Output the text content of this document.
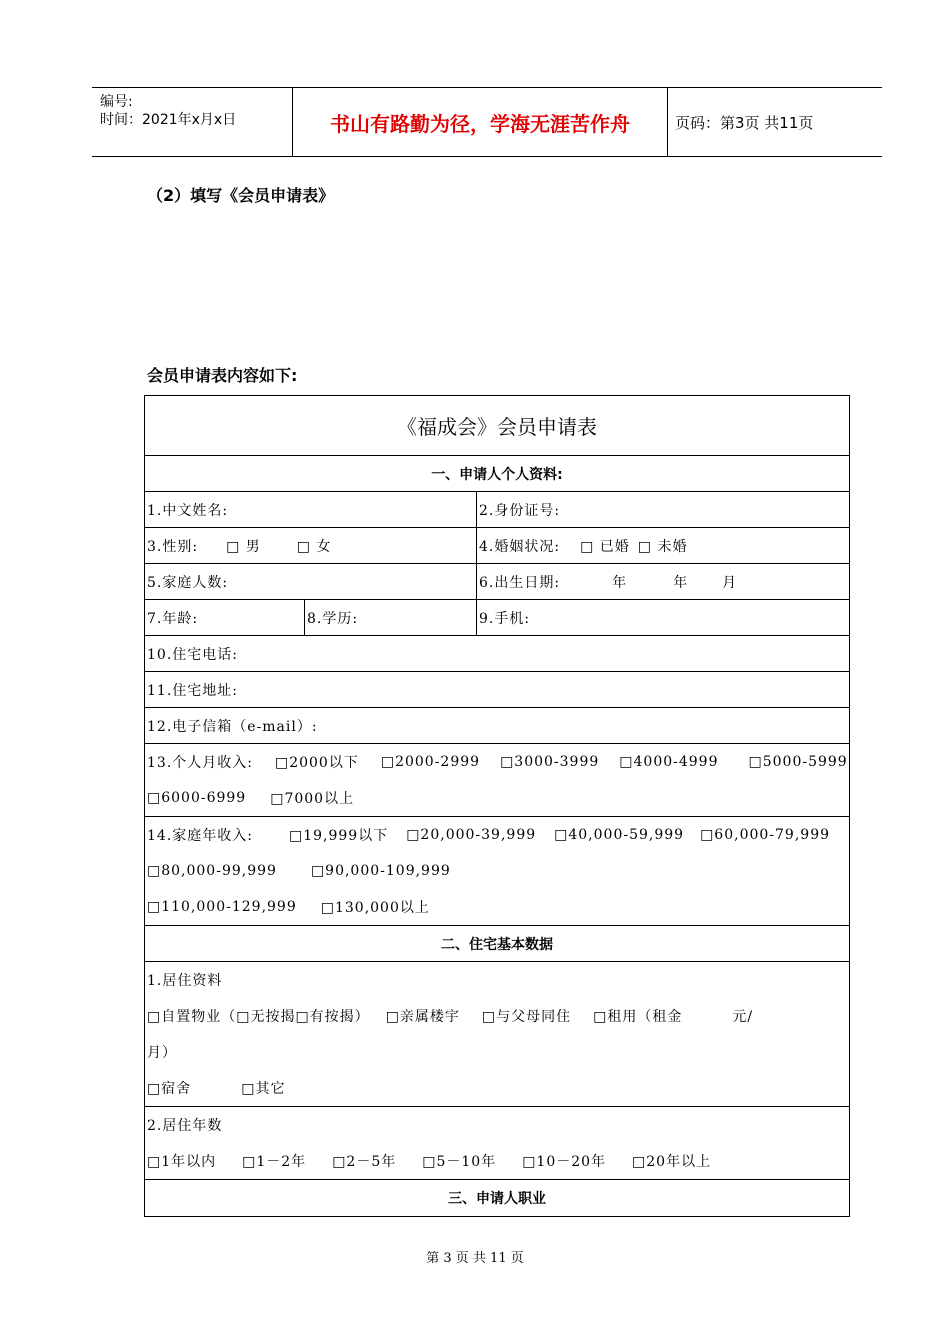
编号:
时间：2021年x月x日	书山有路勤为径，学海无涯苦作舟	页码：第3页 共11页
（2）填写《会员申请表》
会员申请表内容如下:
《福成会》会员申请表
一、申请人个人资料:
1.中文姓名:	2.身份证号:
3.性别: □ 男	□ 女	4.婚姻状况: □ 已婚 □ 未婚
5.家庭人数:	6.出生日期:	年	年 月
7.年龄:	8.学历:	9.手机:
10.住宅电话:
11.住宅地址:
12.电子信箱（e-mail）:
13.个人月收入: □2000以下 □2000-2999 □3000-3999 □4000-4999 □5000-5999
□6000-6999 □7000以上
14.家庭年收入:	□19,999以下 □20,000-39,999 □40,000-59,999 □60,000-79,999
□80,000-99,999 □90,000-109,999
□110,000-129,999 □130,000以上
二、住宅基本数据
1.居住资料
□自置物业（□无按揭□有按揭） □亲属楼宇 □与父母同住 □租用（租金	元/
月）
□宿舍	□其它
2.居住年数
□1年以内 □1－2年 □2－5年 □5－10年 □10－20年 □20年以上
三、申请人职业
第 3 页 共 11 页
